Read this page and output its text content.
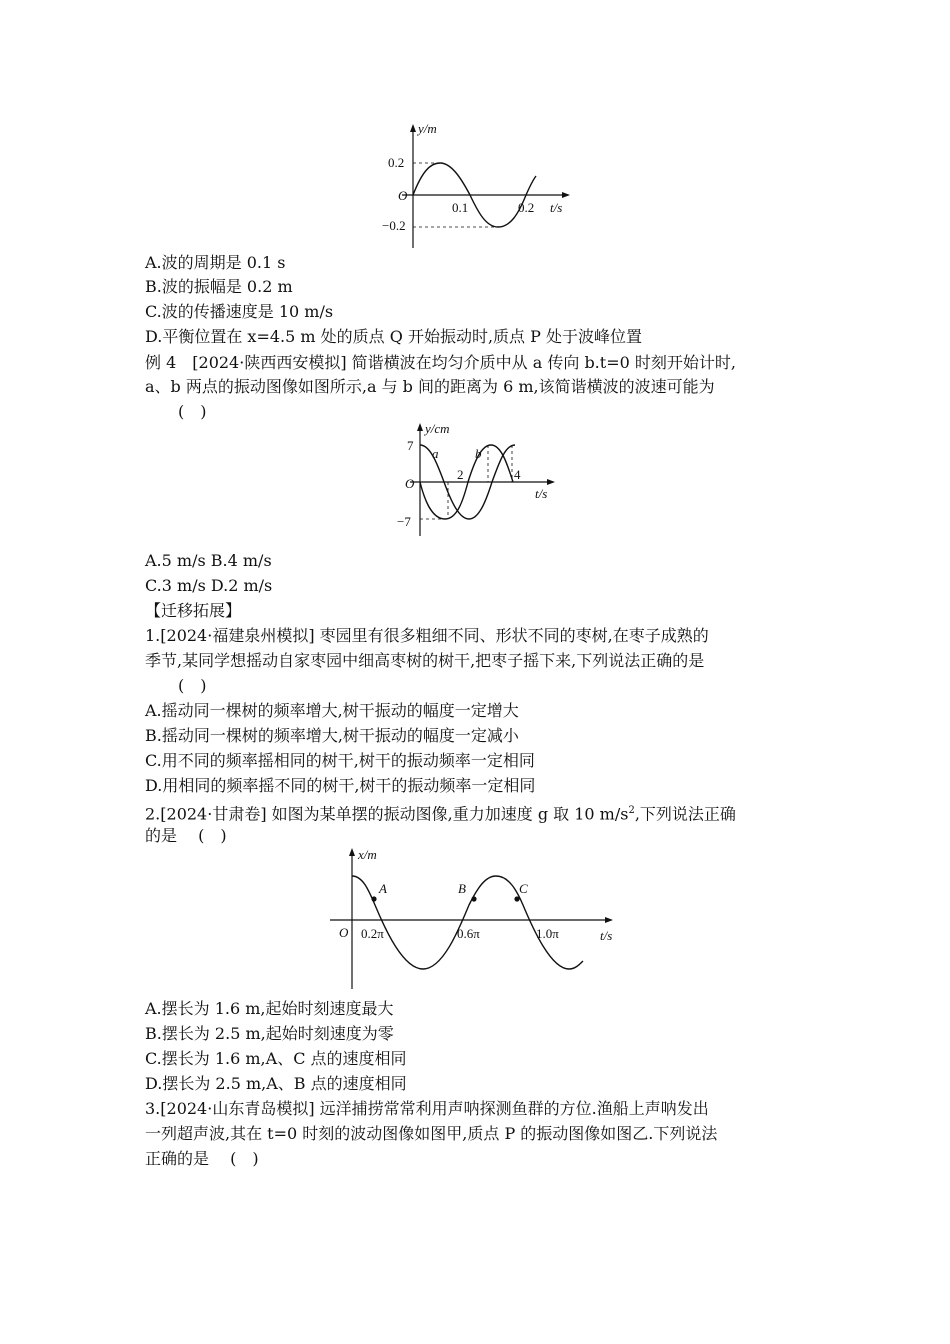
y/m
t/s
O
0.2
−0.2
0.1	0.2
A.波的周期是 0.1 s
B.波的振幅是 0.2 m
C.波的传播速度是 10 m/s
D.平衡位置在 x=4.5 m 处的质点 Q 开始振动时,质点 P 处于波峰位置
例 4　[2024·陕西西安模拟] 简谐横波在均匀介质中从 a 传向 b.t=0 时刻开始计时,
a、b 两点的振动图像如图所示,a 与 b 间的距离为 6 m,该简谐横波的波速可能为
(　)
y/cm
t/s
O
7
−7
2	4
a	b
A.5 m/s B.4 m/s
C.3 m/s D.2 m/s
【迁移拓展】
1.[2024·福建泉州模拟] 枣园里有很多粗细不同、形状不同的枣树,在枣子成熟的
季节,某同学想摇动自家枣园中细高枣树的树干,把枣子摇下来,下列说法正确的是
(　)
A.摇动同一棵树的频率增大,树干振动的幅度一定增大
B.摇动同一棵树的频率增大,树干振动的幅度一定减小
C.用不同的频率摇相同的树干,树干的振动频率一定相同
D.用相同的频率摇不同的树干,树干的振动频率一定相同
2.[2024·甘肃卷] 如图为某单摆的振动图像,重力加速度 g 取 10 $m/s^2$,下列说法正确
的是　 (　)
x/m
t/s
O 0.2π	0.6π	1.0π
A	B	C
A.摆长为 1.6 m,起始时刻速度最大
B.摆长为 2.5 m,起始时刻速度为零
C.摆长为 1.6 m,A、C 点的速度相同
D.摆长为 2.5 m,A、B 点的速度相同
3.[2024·山东青岛模拟] 远洋捕捞常常利用声呐探测鱼群的方位.渔船上声呐发出
一列超声波,其在 t=0 时刻的波动图像如图甲,质点 P 的振动图像如图乙.下列说法
正确的是　 (　)
